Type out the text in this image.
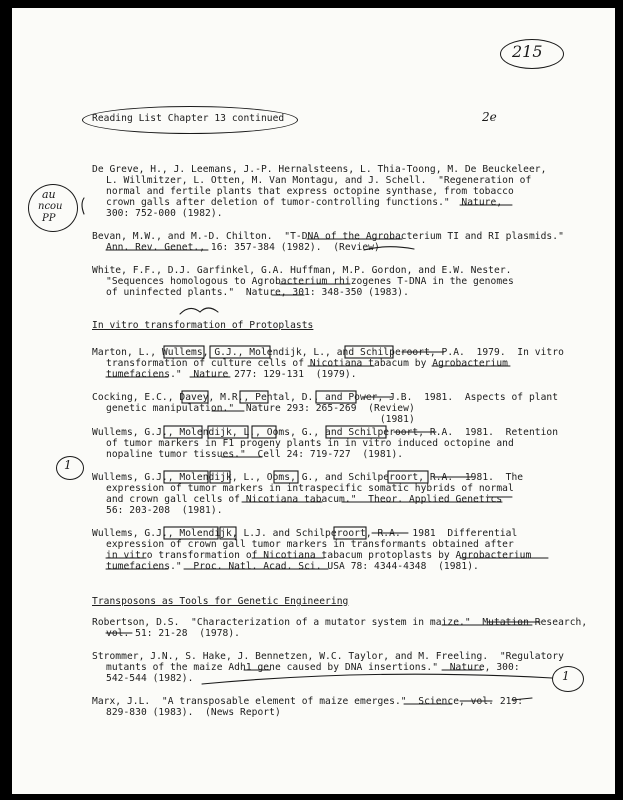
215
Reading List Chapter 13 continued	2e
au
ncou
PP
De Greve, H., J. Leemans, J.-P. Hernalsteens, L. Thia-Toong, M. De Beuckeleer,
L. Willmitzer, L. Otten, M. Van Montagu, and J. Schell.  "Regeneration of
normal and fertile plants that express octopine synthase, from tobacco
crown galls after deletion of tumor-controlling functions."  Nature,
300: 752-000 (1982).
Bevan, M.W., and M.-D. Chilton.  "T-DNA of the Agrobacterium TI and RI plasmids."
Ann. Rev. Genet., 16: 357-384 (1982).  (Review)
White, F.F., D.J. Garfinkel, G.A. Huffman, M.P. Gordon, and E.W. Nester.
"Sequences homologous to Agrobacterium rhizogenes T-DNA in the genomes
of uninfected plants."  Nature, 301: 348-350 (1983).
In vitro transformation of Protoplasts
Marton, L., Wullems, G.J., Molendijk, L., and Schilperoort, P.A.  1979.  In vitro
transformation of culture cells of Nicotiana tabacum by Agrobacterium
tumefaciens."  Nature 277: 129-131  (1979).
Cocking, E.C., Davey, M.R., Pental, D., and Power, J.B.  1981.  Aspects of plant
genetic manipulation."  Nature 293: 265-269  (Review)
(1981)
Wullems, G.J., Molendijk, L., Ooms, G., and Schilperoort, R.A.  1981.  Retention
of tumor markers in F1 progeny plants in in vitro induced octopine and
nopaline tumor tissues."  Cell 24: 719-727  (1981).
1
Wullems, G.J., Molendijk, L., Ooms, G., and Schilperoort, R.A.  1981.  The
expression of tumor markers in intraspecific somatic hybrids of normal
and crown gall cells of Nicotiana tabacum."  Theor. Applied Genetics
56: 203-208  (1981).
Wullems, G.J., Molendijk, L.J. and Schilperoort, R.A.  1981  Differential
expression of crown gall tumor markers in transformants obtained after
in vitro transformation of Nicotiana tabacum protoplasts by Agrobacterium
tumefaciens."  Proc. Natl. Acad. Sci. USA 78: 4344-4348  (1981).
Transposons as Tools for Genetic Engineering
Robertson, D.S.  "Characterization of a mutator system in maize."  Mutation Research,
vol. 51: 21-28  (1978).
Strommer, J.N., S. Hake, J. Bennetzen, W.C. Taylor, and M. Freeling.  "Regulatory
mutants of the maize Adh1 gene caused by DNA insertions."  Nature, 300:
542-544 (1982).	1
Marx, J.L.  "A transposable element of maize emerges."  Science, vol. 219:
829-830 (1983).  (News Report)
